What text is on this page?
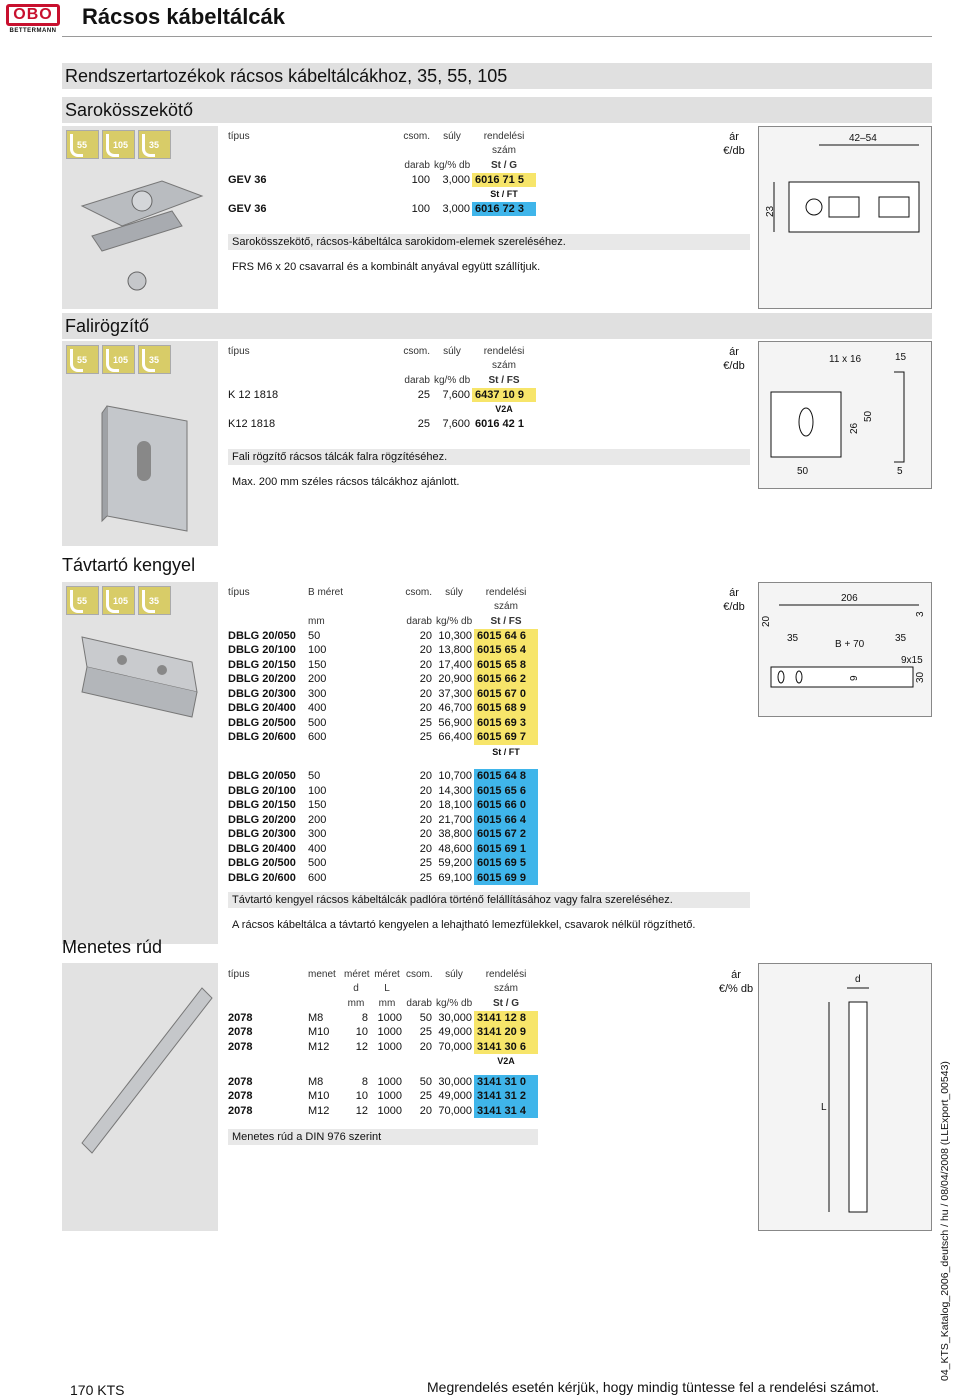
OBO
BETTERMANN
Rácsos kábeltálcák
Rendszertartozékok rácsos kábeltálcákhoz, 35, 55, 105
Sarokösszekötő
55	105 35
típus	csom.	súly	rendelési
			szám
	darab	kg/% db	St / G
GEV 36	100	3,000	6016 71 5
			St / FT
GEV 36	100	3,000	6016 72 3
Sarokösszekötő, rácsos-kábeltálca sarokidom-elemek szereléséhez.
FRS M6 x 20 csavarral és a kombinált anyával együtt szállítjuk.
ár
€/db
42–54
23
Falirögzítő
55	105 35
típus	csom.	súly	rendelési
			szám
	darab	kg/% db	St / FS
K 12 1818	25	7,600	6437 10 9
			V2A
K12 1818	25	7,600	6016 42 1
Fali rögzítő rácsos tálcák falra rögzítéséhez.
Max. 200 mm széles rácsos tálcákhoz ajánlott.
ár
€/db
11 x 16	15
50
26
50
5
Távtartó kengyel
55	105 35
típus	B méret	csom.	súly	rendelési
				szám
	mm	darab	kg/% db	St / FS
DBLG 20/050	50	20	10,300	6015 64 6
DBLG 20/100	100	20	13,800	6015 65 4
DBLG 20/150	150	20	17,400	6015 65 8
DBLG 20/200	200	20	20,900	6015 66 2
DBLG 20/300	300	20	37,300	6015 67 0
DBLG 20/400	400	20	46,700	6015 68 9
DBLG 20/500	500	25	56,900	6015 69 3
DBLG 20/600	600	25	66,400	6015 69 7
				St / FT

DBLG 20/050	50	20	10,700	6015 64 8
DBLG 20/100	100	20	14,300	6015 65 6
DBLG 20/150	150	20	18,100	6015 66 0
DBLG 20/200	200	20	21,700	6015 66 4
DBLG 20/300	300	20	38,800	6015 67 2
DBLG 20/400	400	20	48,600	6015 69 1
DBLG 20/500	500	25	59,200	6015 69 5
DBLG 20/600	600	25	69,100	6015 69 9
Távtartó kengyel rácsos kábeltálcák padlóra történő felállításához vagy falra szereléséhez.
A rácsos kábeltálca a távtartó kengyelen a lehajtható lemezfülekkel, csavarok nélkül rögzíthető.
ár
€/db
206
20
3
35
B + 70
35
9x15
9	30
Menetes rúd
típus	menet	méret	méret	csom.	súly	rendelési
		d	L			szám
		mm	mm	darab	kg/% db	St / G
2078	M8	8	1000	50	30,000	3141 12 8
2078	M10	10	1000	25	49,000	3141 20 9
2078	M12	12	1000	20	70,000	3141 30 6
						V2A

2078	M8	8	1000	50	30,000	3141 31 0
2078	M10	10	1000	25	49,000	3141 31 2
2078	M12	12	1000	20	70,000	3141 31 4
Menetes rúd a DIN 976 szerint
ár
€/% db
d
L	04_KTS_Katalog_2006_deutsch / hu / 08/04/2008 (LLExport_00543)
170 KTS	Megrendelés esetén kérjük, hogy mindig tüntesse fel a rendelési számot.
